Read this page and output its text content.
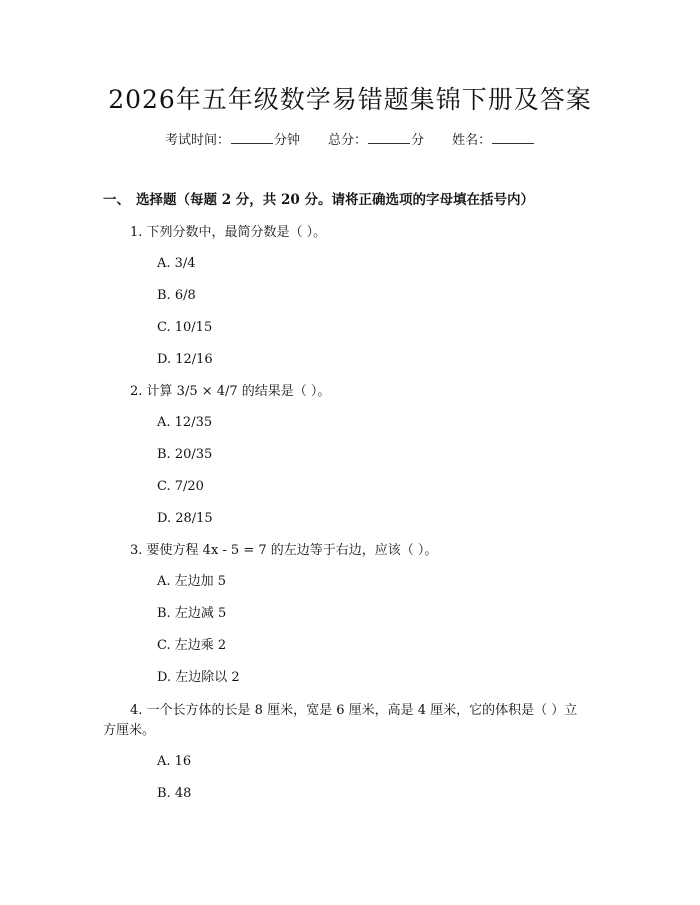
2026年五年级数学易错题集锦下册及答案
考试时间：	分钟 总分：	分 姓名：
一、 选择题（每题 2 分，共 20 分。请将正确选项的字母填在括号内）
1. 下列分数中，最简分数是（ ）。
A. 3/4
B. 6/8
C. 10/15
D. 12/16
2. 计算 3/5 × 4/7 的结果是（ ）。
A. 12/35
B. 20/35
C. 7/20
D. 28/15
3. 要使方程 4x - 5 = 7 的左边等于右边，应该（ ）。
A. 左边加 5
B. 左边减 5
C. 左边乘 2
D. 左边除以 2
4. 一个长方体的长是 8 厘米，宽是 6 厘米，高是 4 厘米，它的体积是（ ）立
方厘米。
A. 16
B. 48
